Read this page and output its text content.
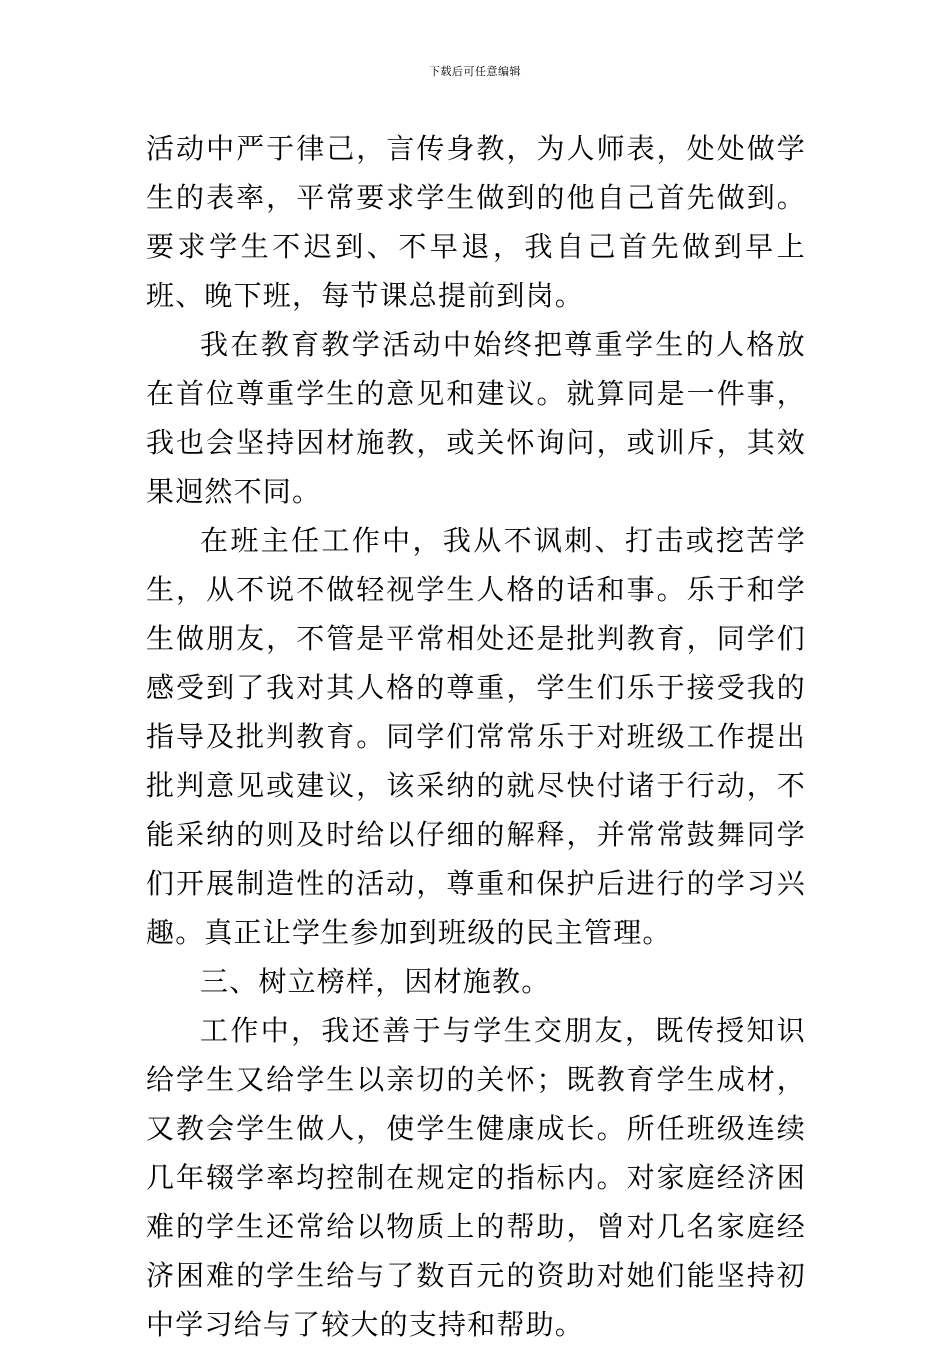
下载后可任意编辑

活动中严于律己，言传身教，为人师表，处处做学生的表率，平常要求学生做到的他自己首先做到。要求学生不迟到、不早退，我自己首先做到早上班、晚下班，每节课总提前到岗。

我在教育教学活动中始终把尊重学生的人格放在首位尊重学生的意见和建议。就算同是一件事，我也会坚持因材施教，或关怀询问，或训斥，其效果迥然不同。

在班主任工作中，我从不讽刺、打击或挖苦学生，从不说不做轻视学生人格的话和事。乐于和学生做朋友，不管是平常相处还是批判教育，同学们感受到了我对其人格的尊重，学生们乐于接受我的指导及批判教育。同学们常常乐于对班级工作提出批判意见或建议，该采纳的就尽快付诸于行动，不能采纳的则及时给以仔细的解释，并常常鼓舞同学们开展制造性的活动，尊重和保护后进行的学习兴趣。真正让学生参加到班级的民主管理。

三、树立榜样，因材施教。

工作中，我还善于与学生交朋友，既传授知识给学生又给学生以亲切的关怀；既教育学生成材，又教会学生做人，使学生健康成长。所任班级连续几年辍学率均控制在规定的指标内。对家庭经济困难的学生还常给以物质上的帮助，曾对几名家庭经济困难的学生给与了数百元的资助对她们能坚持初中学习给与了较大的支持和帮助。
